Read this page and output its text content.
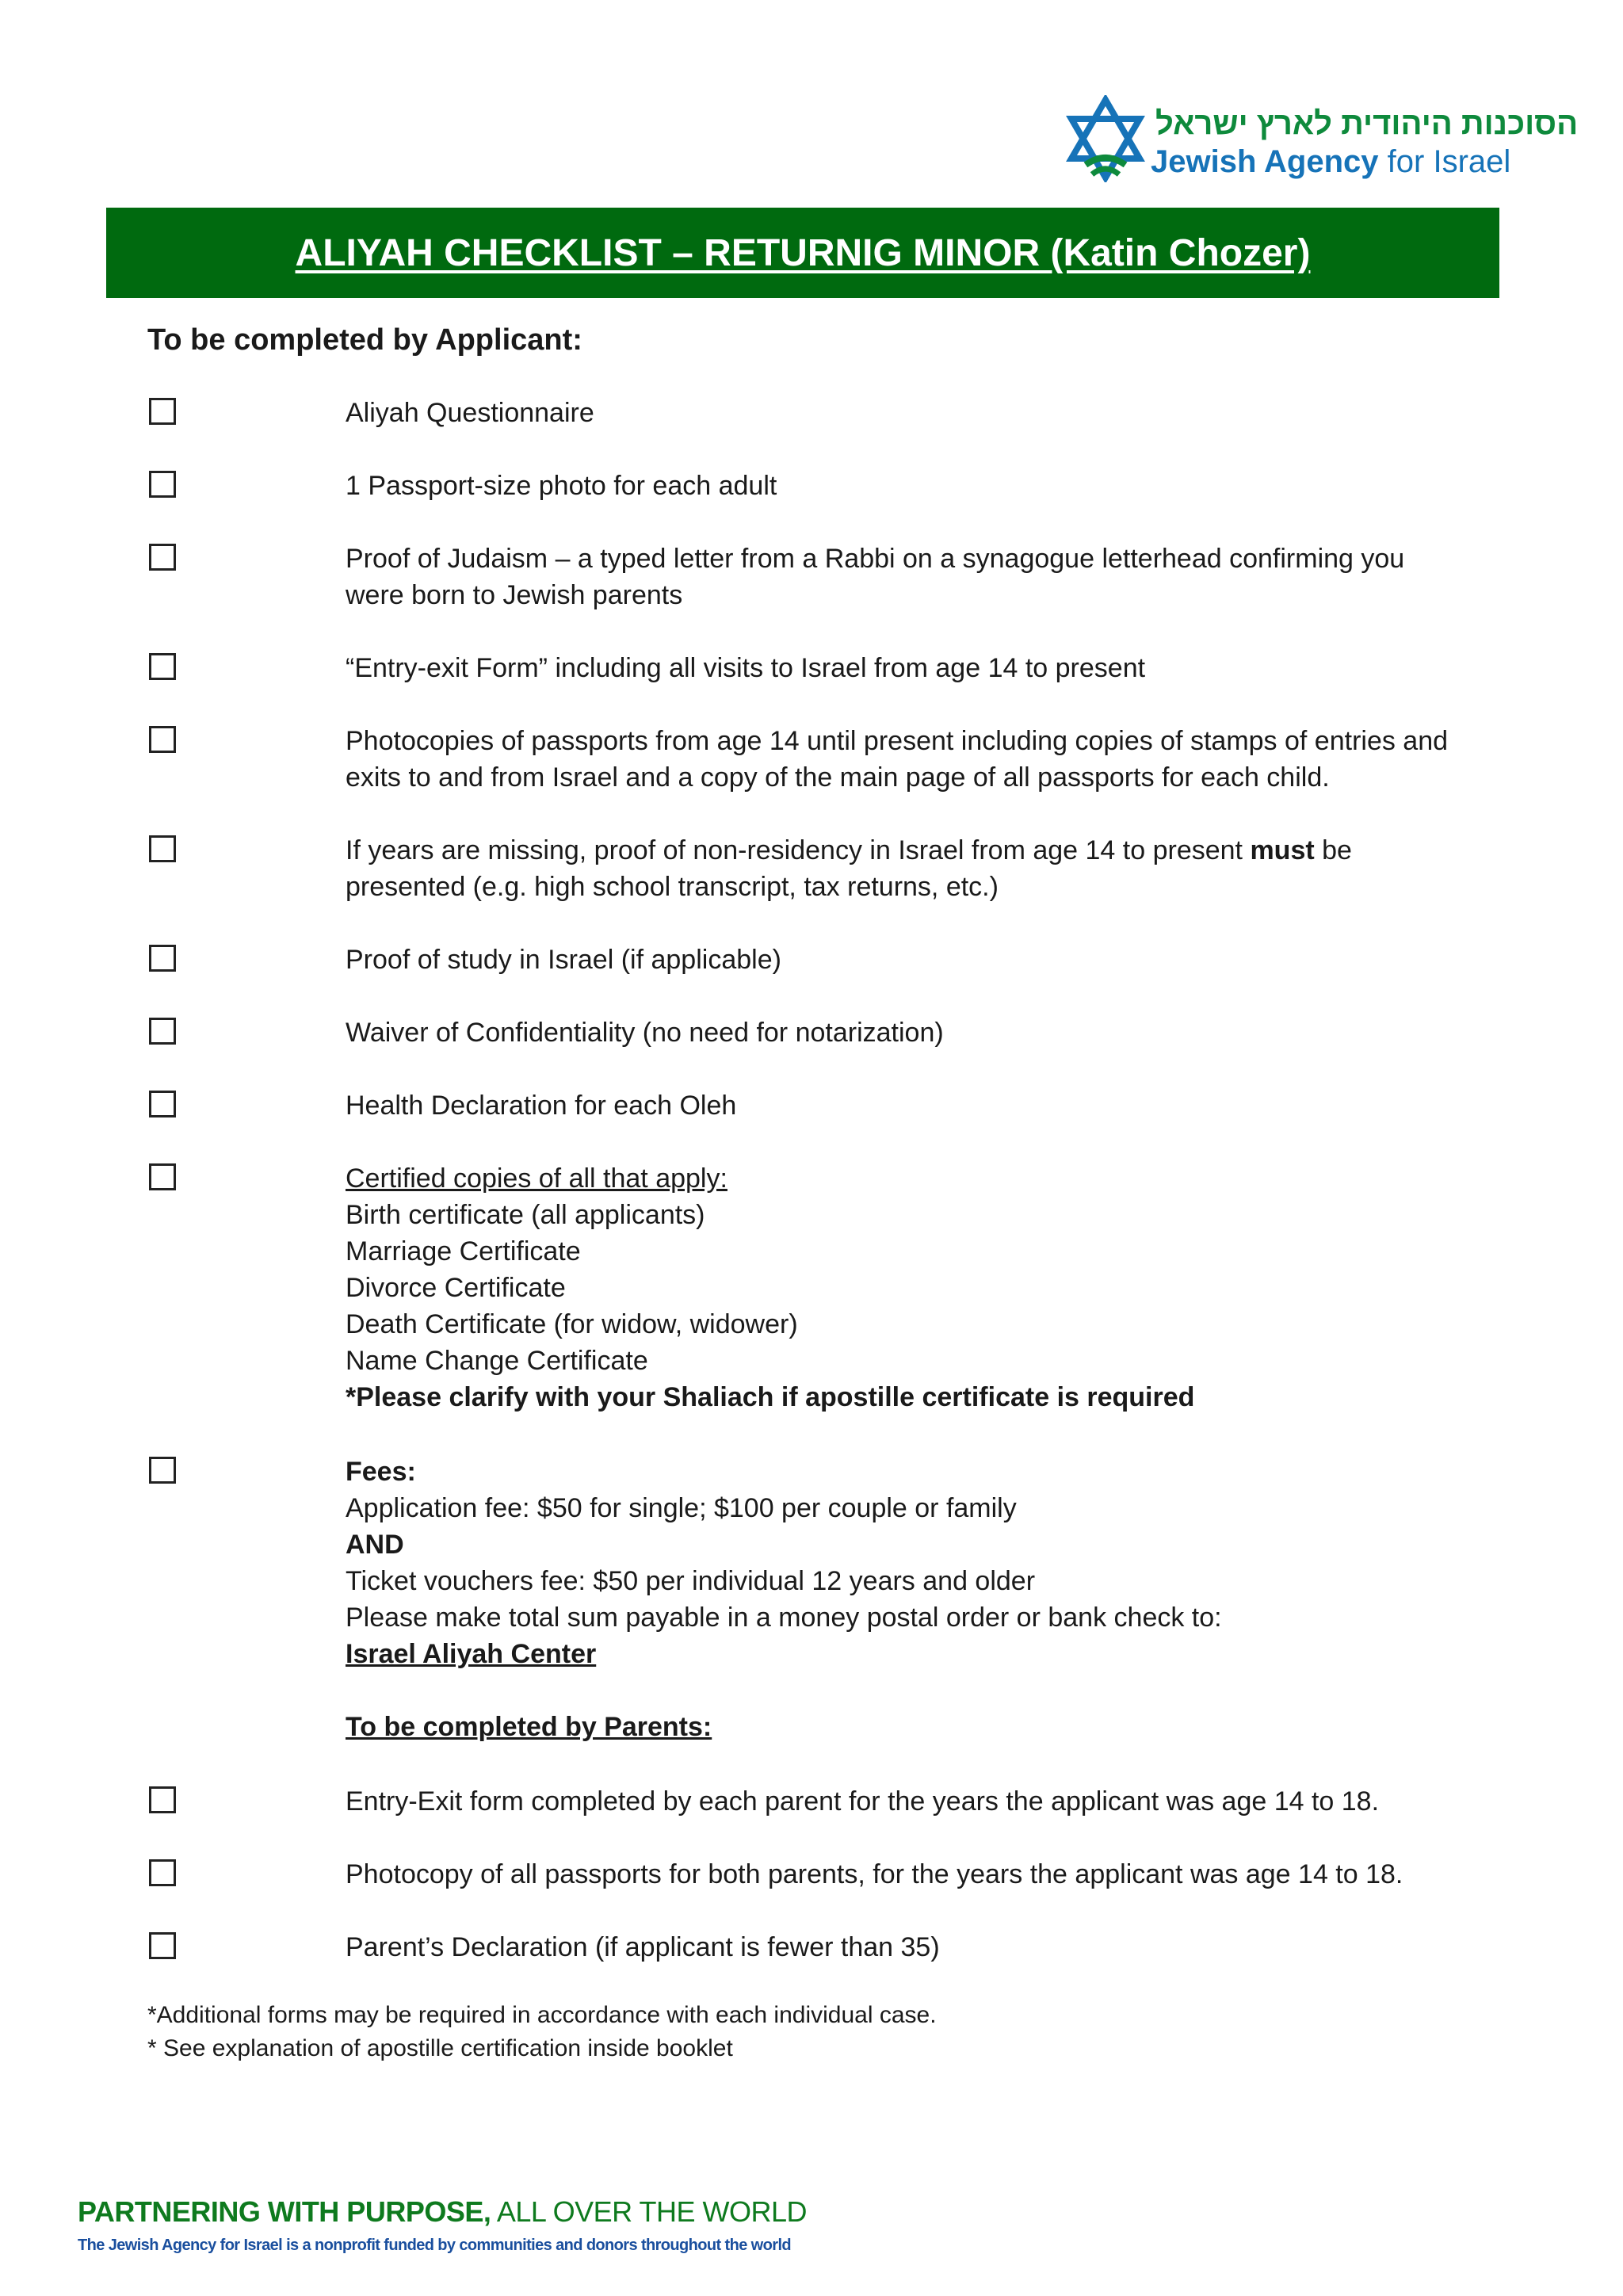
הסוכנות היהודית לארץ ישראל
Jewish Agency for Israel
ALIYAH CHECKLIST – RETURNIG MINOR (Katin Chozer)
To be completed by Applicant:
Aliyah Questionnaire
1 Passport-size photo for each adult
Proof of Judaism – a typed letter from a Rabbi on a synagogue letterhead confirming you
were born to Jewish parents
“Entry-exit Form” including all visits to Israel from age 14 to present
Photocopies of passports from age 14 until present including copies of stamps of entries and
exits to and from Israel and a copy of the main page of all passports for each child.
If years are missing, proof of non-residency in Israel from age 14 to present must be
presented (e.g. high school transcript, tax returns, etc.)
Proof of study in Israel (if applicable)
Waiver of Confidentiality (no need for notarization)
Health Declaration for each Oleh
Certified copies of all that apply:
Birth certificate (all applicants)
Marriage Certificate
Divorce Certificate
Death Certificate (for widow, widower)
Name Change Certificate
*Please clarify with your Shaliach if apostille certificate is required
Fees:
Application fee: $50 for single; $100 per couple or family
AND
Ticket vouchers fee: $50 per individual 12 years and older
Please make total sum payable in a money postal order or bank check to:
Israel Aliyah Center

To be completed by Parents:
Entry-Exit form completed by each parent for the years the applicant was age 14 to 18.
Photocopy of all passports for both parents, for the years the applicant was age 14 to 18.
Parent’s Declaration (if applicant is fewer than 35)
*Additional forms may be required in accordance with each individual case.
* See explanation of apostille certification inside booklet
PARTNERING WITH PURPOSE, ALL OVER THE WORLD
The Jewish Agency for Israel is a nonprofit funded by communities and donors throughout the world
